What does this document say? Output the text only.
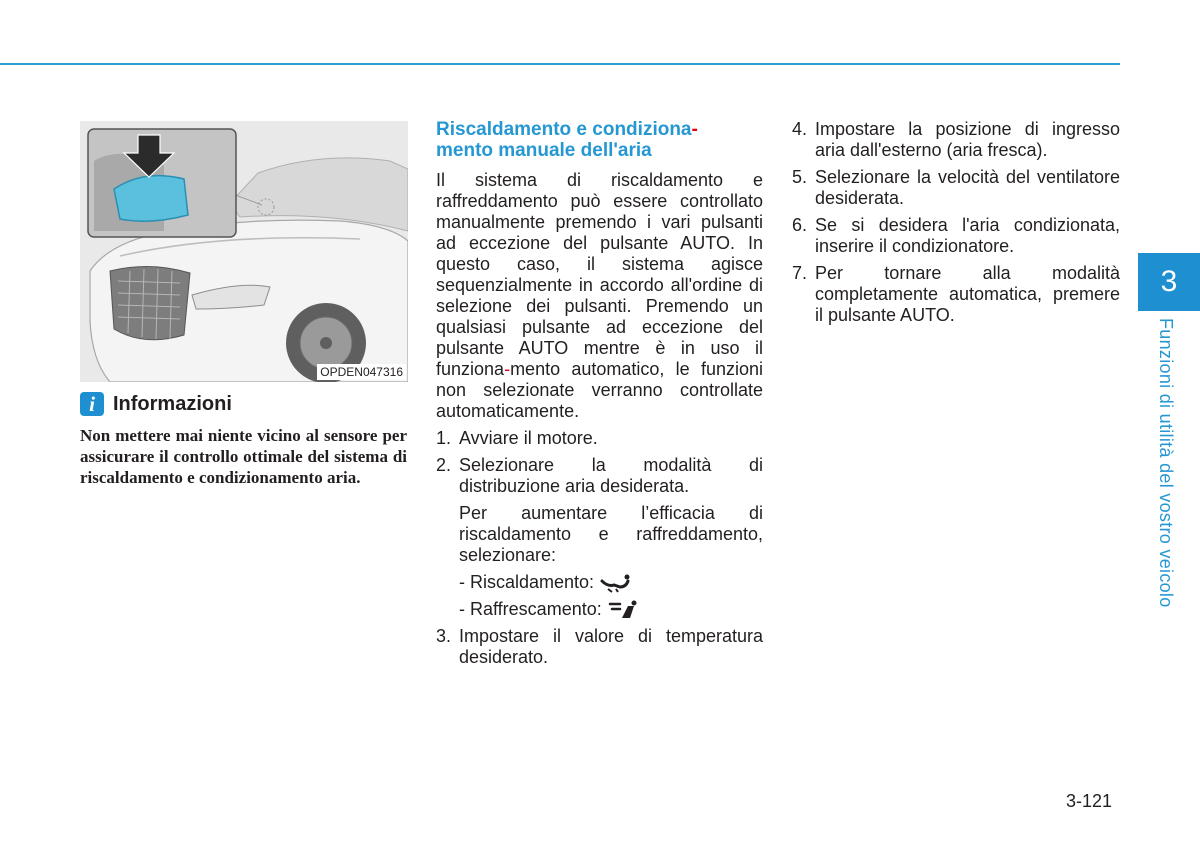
OPDEN047316
i Informazioni
Non mettere mai niente vicino al sensore per assicurare il controllo ottimale del sistema di riscaldamento e condizionamento aria.
Riscaldamento e condiziona-
mento manuale dell'aria

Il sistema di riscaldamento e raffreddamento può essere controllato manualmente premendo i vari pulsanti ad eccezione del pulsante AUTO. In questo caso, il sistema agisce sequenzialmente in accordo all'ordine di selezione dei pulsanti. Premendo un qualsiasi pulsante ad eccezione del pulsante AUTO mentre è in uso il funziona-mento automatico, le funzioni non selezionate verranno controllate automaticamente.

1. Avviare il motore.
2. Selezionare la modalità di distribuzione aria desiderata.
Per aumentare l’efficacia di riscaldamento e raffreddamento, selezionare:
- Riscaldamento:
- Raffrescamento:
3. Impostare il valore di temperatura desiderato.
4. Impostare la posizione di ingresso aria dall'esterno (aria fresca).
5. Selezionare la velocità del ventilatore desiderata.
6. Se si desidera l'aria condizionata, inserire il condizionatore.
7. Per tornare alla modalità completamente automatica, premere il pulsante AUTO.
3
Funzioni di utilità del vostro veicolo
3-121
